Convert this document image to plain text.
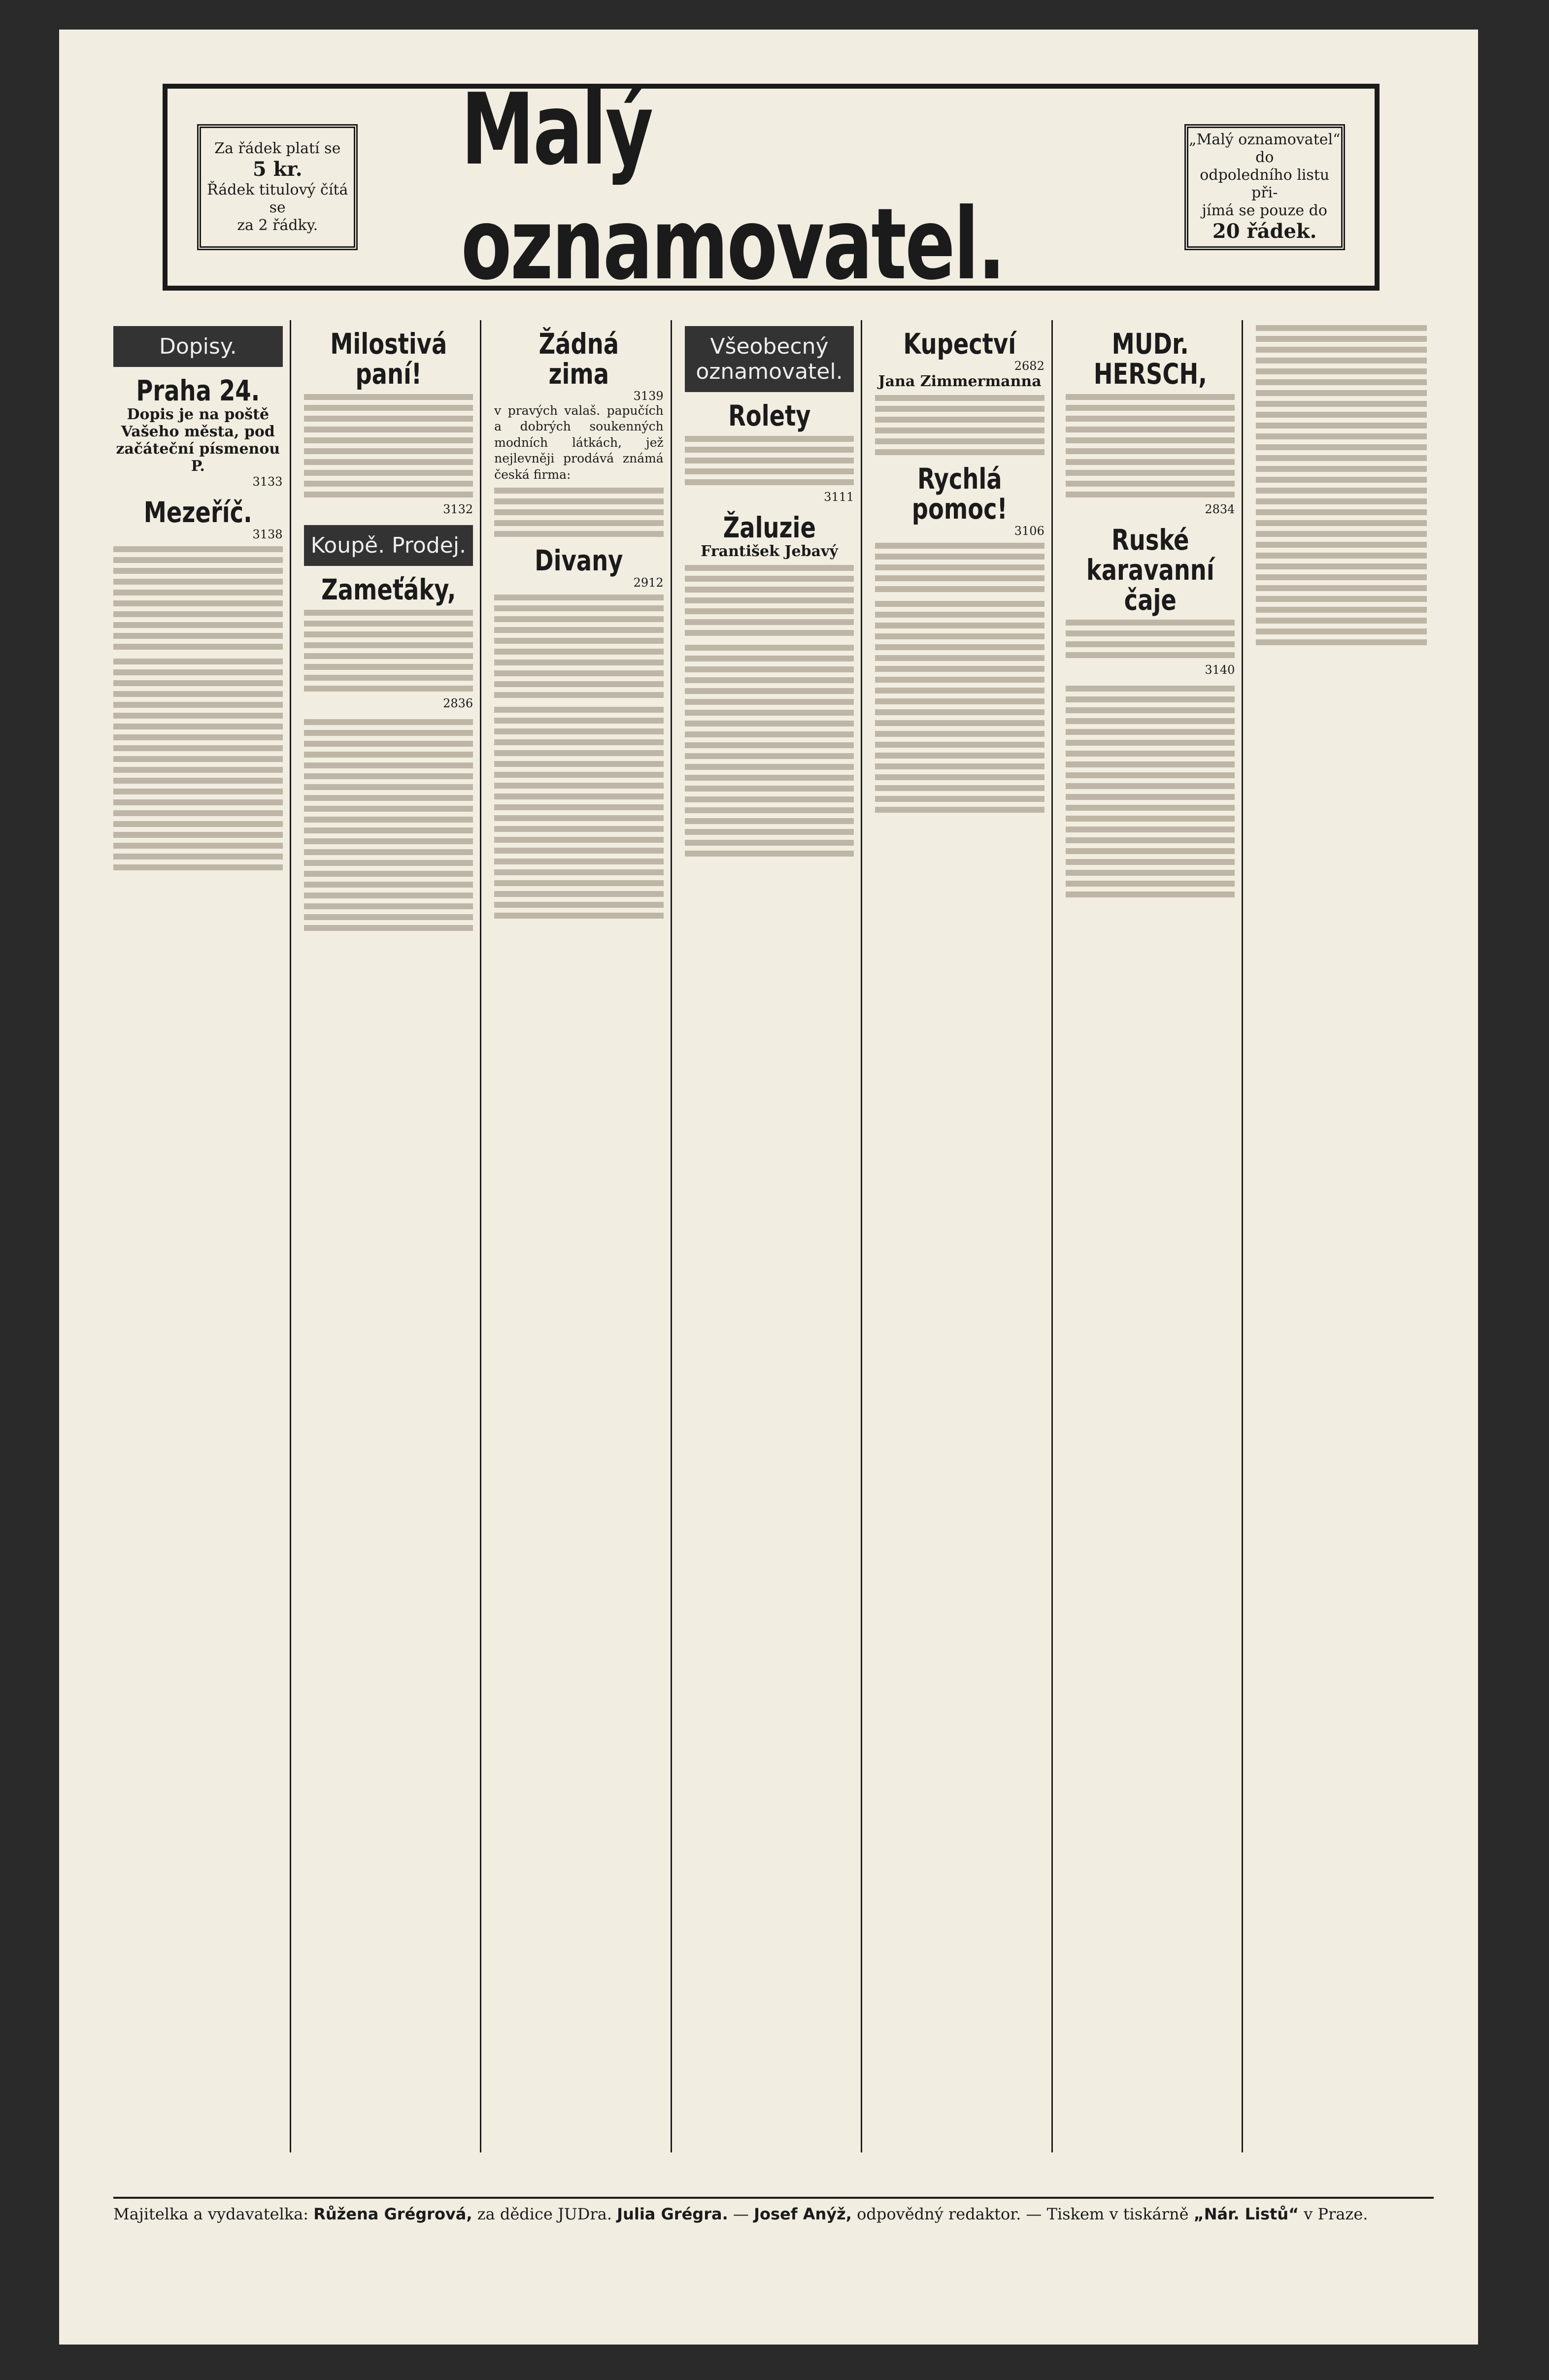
Za řádek platí se
5 kr.
Řádek titulový čítá se
za 2 řádky.
Malý oznamovatel.
„Malý oznamovatel“ do
odpoledního listu při-
jímá se pouze do
20 řádek.
Dopisy.
Praha 24.
Dopis je na poště Vašeho města, pod začáteční písmenou P.
3133
Mezeříč.
3138
Milostivá paní!
3132
Koupě. Prodej.
Zameťáky,
2836
Žádná zima
3139
v pravých valaš. papučích a dobrých soukenných modních látkách, jež nejlevněji prodává známá česká firma:
Divany
2912
Všeobecný oznamovatel.
Rolety
3111
Žaluzie
František Jebavý
Kupectví
2682
Jana Zimmermanna
Rychlá pomoc!
3106
MUDr. HERSCH,
2834
Ruské karavanní čaje
3140
Majitelka a vydavatelka: Růžena Grégrová, za dědice JUDra. Julia Grégra. — Josef Anýž, odpovědný redaktor. — Tiskem v tiskárně „Nár. Listů“ v Praze.
